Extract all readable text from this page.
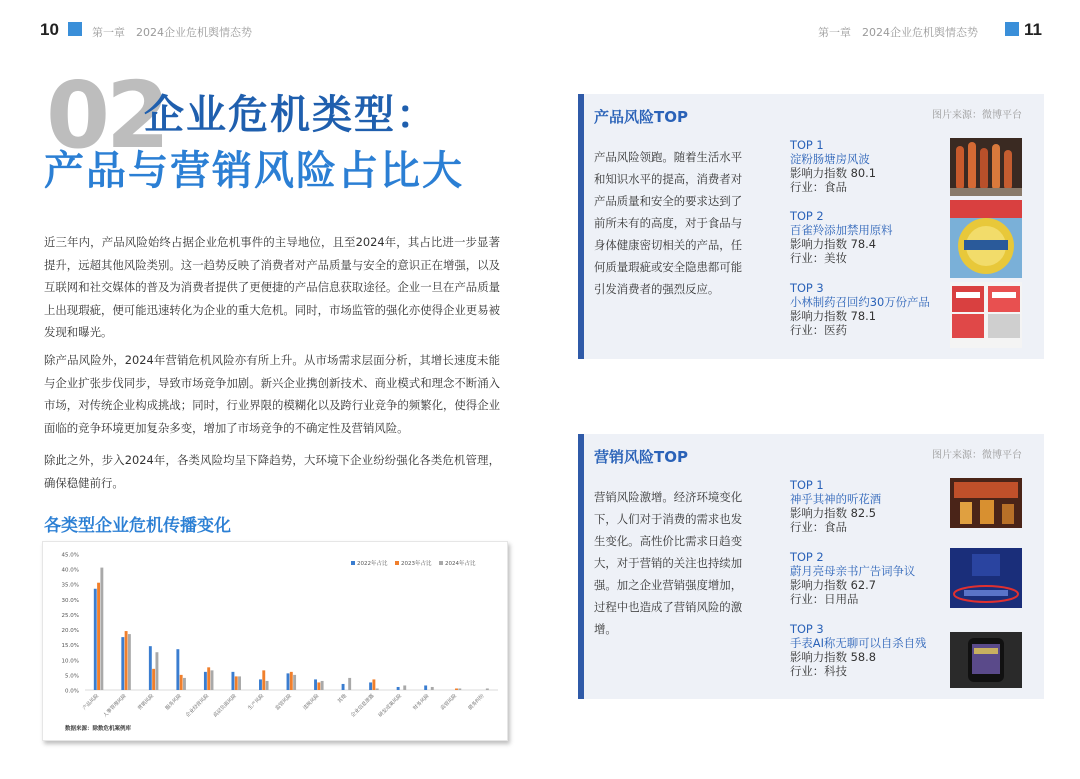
10	第一章　2024企业危机舆情态势	第一章　2024企业危机舆情态势	11
02
企业危机类型：
产品与营销风险占比大
近三年内，产品风险始终占据企业危机事件的主导地位，且至2024年，其占比进一步显著提升，远超其他风险类别。这一趋势反映了消费者对产品质量与安全的意识正在增强，以及互联网和社交媒体的普及为消费者提供了更便捷的产品信息获取途径。企业一旦在产品质量上出现瑕疵，便可能迅速转化为企业的重大危机。同时，市场监管的强化亦使得企业更易被发现和曝光。
除产品风险外，2024年营销危机风险亦有所上升。从市场需求层面分析，其增长速度未能与企业扩张步伐同步，导致市场竞争加剧。新兴企业携创新技术、商业模式和理念不断涌入市场，对传统企业构成挑战；同时，行业界限的模糊化以及跨行业竞争的频繁化，使得企业面临的竞争环境更加复杂多变，增加了市场竞争的不确定性及营销风险。
除此之外，步入2024年，各类风险均呈下降趋势，大环境下企业纷纷强化各类危机管理，确保稳健前行。
各类型企业危机传播变化
0.0%
5.0%
10.0%
15.0%
20.0%
25.0%
30.0%
35.0%
40.0%
45.0%
产品风险 人事管理风险 营销风险 服务风险 企业经营风险 高层负面风险 生产风险 监管风险 违规风险	其他 企业信息泄露 研发成果风险 财务风险 高管风险 债务纠纷
2022年占比 2023年占比 2024年占比
数据来源：除数危机案例库
产品风险TOP	图片来源：微博平台
产品风险领跑。随着生活水平和知识水平的提高，消费者对产品质量和安全的要求达到了前所未有的高度，对于食品与身体健康密切相关的产品，任何质量瑕疵或安全隐患都可能引发消费者的强烈反应。
TOP 1
淀粉肠塘房风波
影响力指数 80.1
行业：食品
TOP 2
百雀羚添加禁用原料
影响力指数 78.4
行业：美妆
TOP 3
小林制药召回约30万份产品
影响力指数 78.1
行业：医药
营销风险TOP	图片来源：微博平台
营销风险激增。经济环境变化下，人们对于消费的需求也发生变化。高性价比需求日趋变大，对于营销的关注也持续加强。加之企业营销强度增加，过程中也造成了营销风险的激增。
TOP 1
神乎其神的听花酒
影响力指数 82.5
行业：食品
TOP 2
蔚月亮母亲书广告词争议
影响力指数 62.7
行业：日用品
TOP 3
手表AI称无聊可以自杀自残
影响力指数 58.8
行业：科技
